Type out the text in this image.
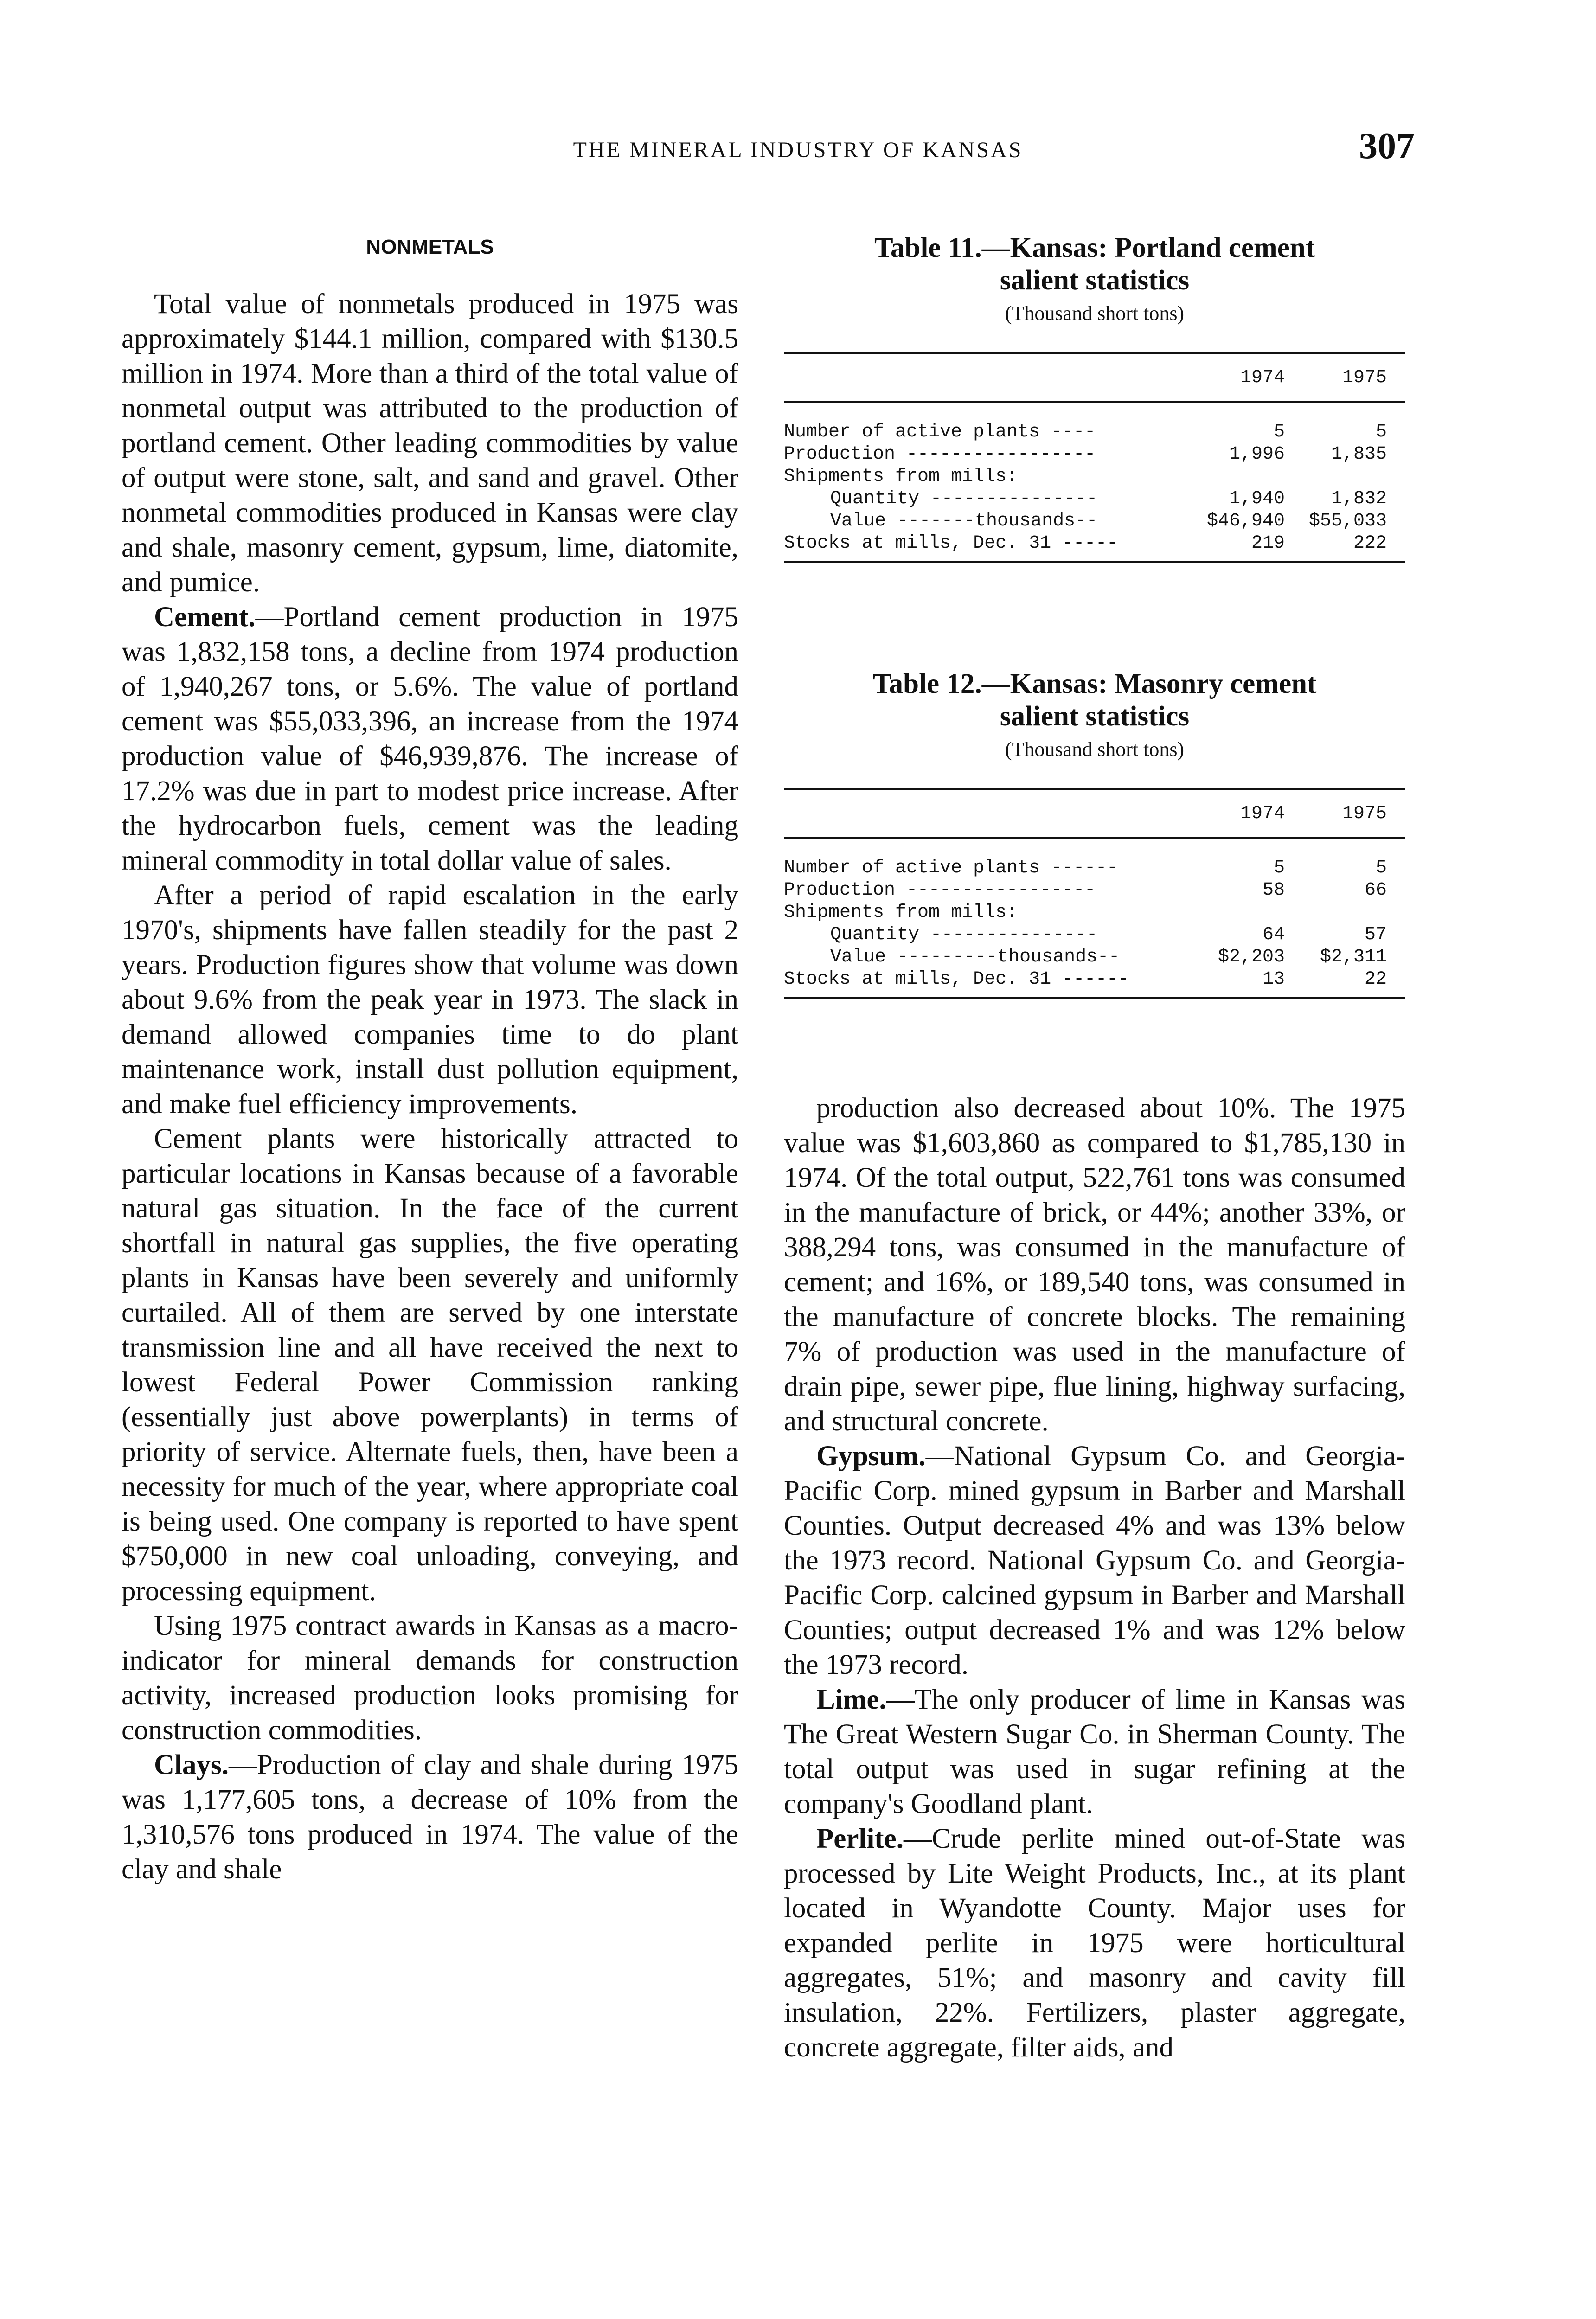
THE MINERAL INDUSTRY OF KANSAS	307
NONMETALS

Total value of nonmetals produced in 1975 was approximately $144.1 million, compared with $130.5 million in 1974. More than a third of the total value of nonmetal output was attributed to the production of portland cement. Other leading commodities by value of output were stone, salt, and sand and gravel. Other nonmetal commodities produced in Kansas were clay and shale, masonry cement, gypsum, lime, diatomite, and pumice.

Cement.—Portland cement production in 1975 was 1,832,158 tons, a decline from 1974 production of 1,940,267 tons, or 5.6%. The value of portland cement was $55,033,396, an increase from the 1974 production value of $46,939,876. The increase of 17.2% was due in part to modest price increase. After the hydrocarbon fuels, cement was the leading mineral commodity in total dollar value of sales.

After a period of rapid escalation in the early 1970's, shipments have fallen steadily for the past 2 years. Production figures show that volume was down about 9.6% from the peak year in 1973. The slack in demand allowed companies time to do plant maintenance work, install dust pollution equipment, and make fuel efficiency improvements.

Cement plants were historically attracted to particular locations in Kansas because of a favorable natural gas situation. In the face of the current shortfall in natural gas supplies, the five operating plants in Kansas have been severely and uniformly curtailed. All of them are served by one interstate transmission line and all have received the next to lowest Federal Power Commission ranking (essentially just above powerplants) in terms of priority of service. Alternate fuels, then, have been a necessity for much of the year, where appropriate coal is being used. One company is reported to have spent $750,000 in new coal unloading, conveying, and processing equipment.

Using 1975 contract awards in Kansas as a macro-indicator for mineral demands for construction activity, increased production looks promising for construction commodities.

Clays.—Production of clay and shale during 1975 was 1,177,605 tons, a decrease of 10% from the 1,310,576 tons produced in 1974. The value of the clay and shale

Table 11.—Kansas: Portland cement
salient statistics
(Thousand short tons)
1974	1975
Number of active plants ----	5	5
Production -----------------	1,996	1,835
Shipments from mills:
Quantity ---------------	1,940	1,832
Value -------thousands--	$46,940	$55,033
Stocks at mills, Dec. 31 -----	219	222
Table 12.—Kansas: Masonry cement
salient statistics
(Thousand short tons)
1974	1975
Number of active plants ------	5	5
Production -----------------	58	66
Shipments from mills:
Quantity ---------------	64	57
Value ---------thousands--	$2,203	$2,311
Stocks at mills, Dec. 31 ------	13	22

production also decreased about 10%. The 1975 value was $1,603,860 as compared to $1,785,130 in 1974. Of the total output, 522,761 tons was consumed in the manufacture of brick, or 44%; another 33%, or 388,294 tons, was consumed in the manufacture of cement; and 16%, or 189,540 tons, was consumed in the manufacture of concrete blocks. The remaining 7% of production was used in the manufacture of drain pipe, sewer pipe, flue lining, highway surfacing, and structural concrete.

Gypsum.—National Gypsum Co. and Georgia-Pacific Corp. mined gypsum in Barber and Marshall Counties. Output decreased 4% and was 13% below the 1973 record. National Gypsum Co. and Georgia-Pacific Corp. calcined gypsum in Barber and Marshall Counties; output decreased 1% and was 12% below the 1973 record.

Lime.—The only producer of lime in Kansas was The Great Western Sugar Co. in Sherman County. The total output was used in sugar refining at the company's Goodland plant.

Perlite.—Crude perlite mined out-of-State was processed by Lite Weight Products, Inc., at its plant located in Wyandotte County. Major uses for expanded perlite in 1975 were horticultural aggregates, 51%; and masonry and cavity fill insulation, 22%. Fertilizers, plaster aggregate, concrete aggregate, filter aids, and
